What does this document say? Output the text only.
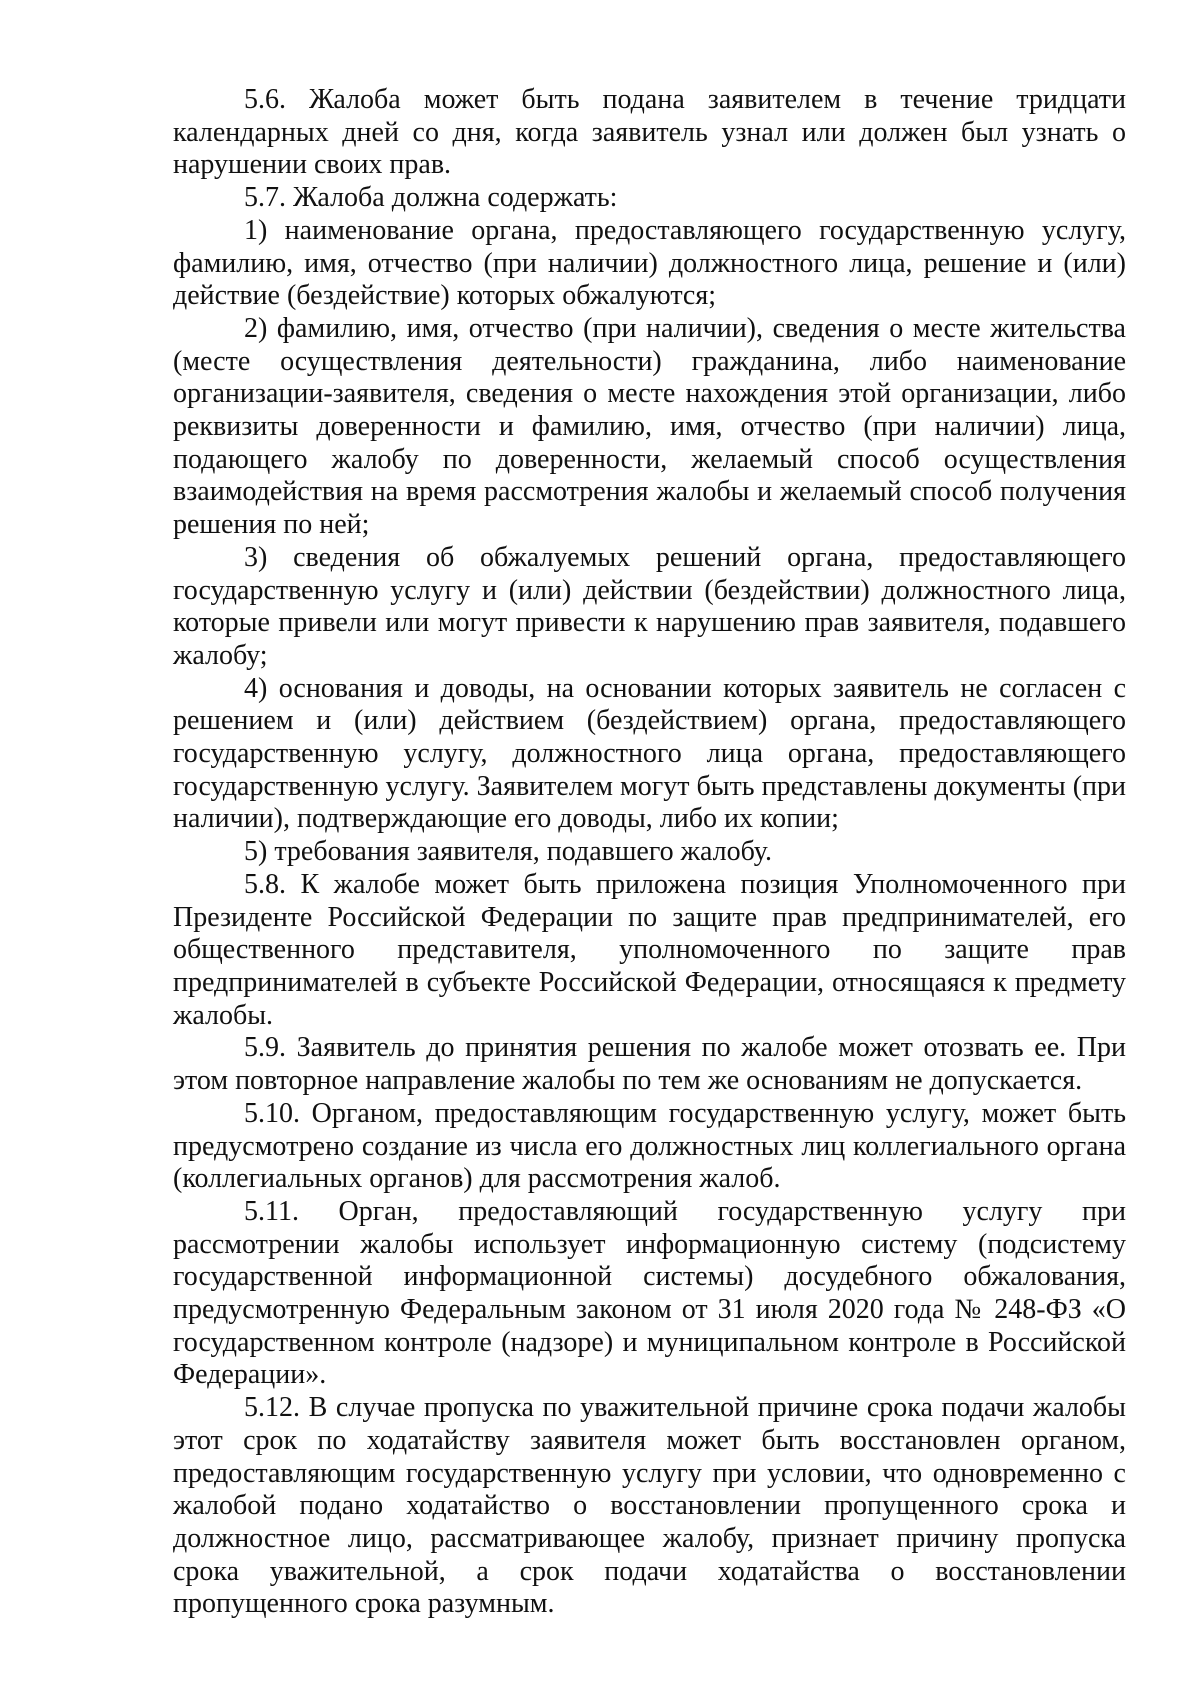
5.6. Жалоба может быть подана заявителем в течение тридцати календарных дней со дня, когда заявитель узнал или должен был узнать о нарушении своих прав.

5.7. Жалоба должна содержать:

1) наименование органа, предоставляющего государственную услугу, фамилию, имя, отчество (при наличии) должностного лица, решение и (или) действие (бездействие) которых обжалуются;

2) фамилию, имя, отчество (при наличии), сведения о месте жительства (месте осуществления деятельности) гражданина, либо наименование организации-заявителя, сведения о месте нахождения этой организации, либо реквизиты доверенности и фамилию, имя, отчество (при наличии) лица, подающего жалобу по доверенности, желаемый способ осуществления взаимодействия на время рассмотрения жалобы и желаемый способ получения решения по ней;

3) сведения об обжалуемых решений органа, предоставляющего государственную услугу и (или) действии (бездействии) должностного лица, которые привели или могут привести к нарушению прав заявителя, подавшего жалобу;

4) основания и доводы, на основании которых заявитель не согласен с решением и (или) действием (бездействием) органа, предоставляющего государственную услугу, должностного лица органа, предоставляющего государственную услугу. Заявителем могут быть представлены документы (при наличии), подтверждающие его доводы, либо их копии;

5) требования заявителя, подавшего жалобу.

5.8. К жалобе может быть приложена позиция Уполномоченного при Президенте Российской Федерации по защите прав предпринимателей, его общественного представителя, уполномоченного по защите прав предпринимателей в субъекте Российской Федерации, относящаяся к предмету жалобы.

5.9. Заявитель до принятия решения по жалобе может отозвать ее. При этом повторное направление жалобы по тем же основаниям не допускается.

5.10. Органом, предоставляющим государственную услугу, может быть предусмотрено создание из числа его должностных лиц коллегиального органа (коллегиальных органов) для рассмотрения жалоб.

5.11. Орган, предоставляющий государственную услугу при рассмотрении жалобы использует информационную систему (подсистему государственной информационной системы) досудебного обжалования, предусмотренную Федеральным законом от 31 июля 2020 года № 248-ФЗ «О государственном контроле (надзоре) и муниципальном контроле в Российской Федерации».

5.12. В случае пропуска по уважительной причине срока подачи жалобы этот срок по ходатайству заявителя может быть восстановлен органом, предоставляющим государственную услугу при условии, что одновременно с жалобой подано ходатайство о восстановлении пропущенного срока и должностное лицо, рассматривающее жалобу, признает причину пропуска срока уважительной, а срок подачи ходатайства о восстановлении пропущенного срока разумным.
